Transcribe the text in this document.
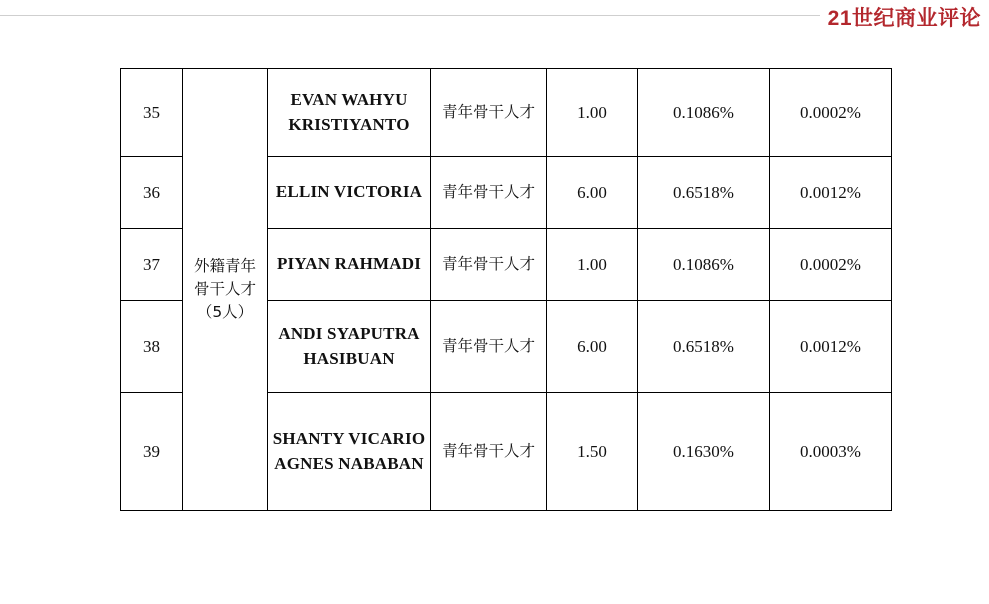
21世纪商业评论
35	外籍青年骨干人才（5人）	EVAN WAHYU KRISTIYANTO	青年骨干人才	1.00	0.1086%	0.0002%
36		ELLIN VICTORIA	青年骨干人才	6.00	0.6518%	0.0012%
37		PIYAN RAHMADI	青年骨干人才	1.00	0.1086%	0.0002%
38		ANDI SYAPUTRA HASIBUAN	青年骨干人才	6.00	0.6518%	0.0012%
39		SHANTY VICARIO AGNES NABABAN	青年骨干人才	1.50	0.1630%	0.0003%
